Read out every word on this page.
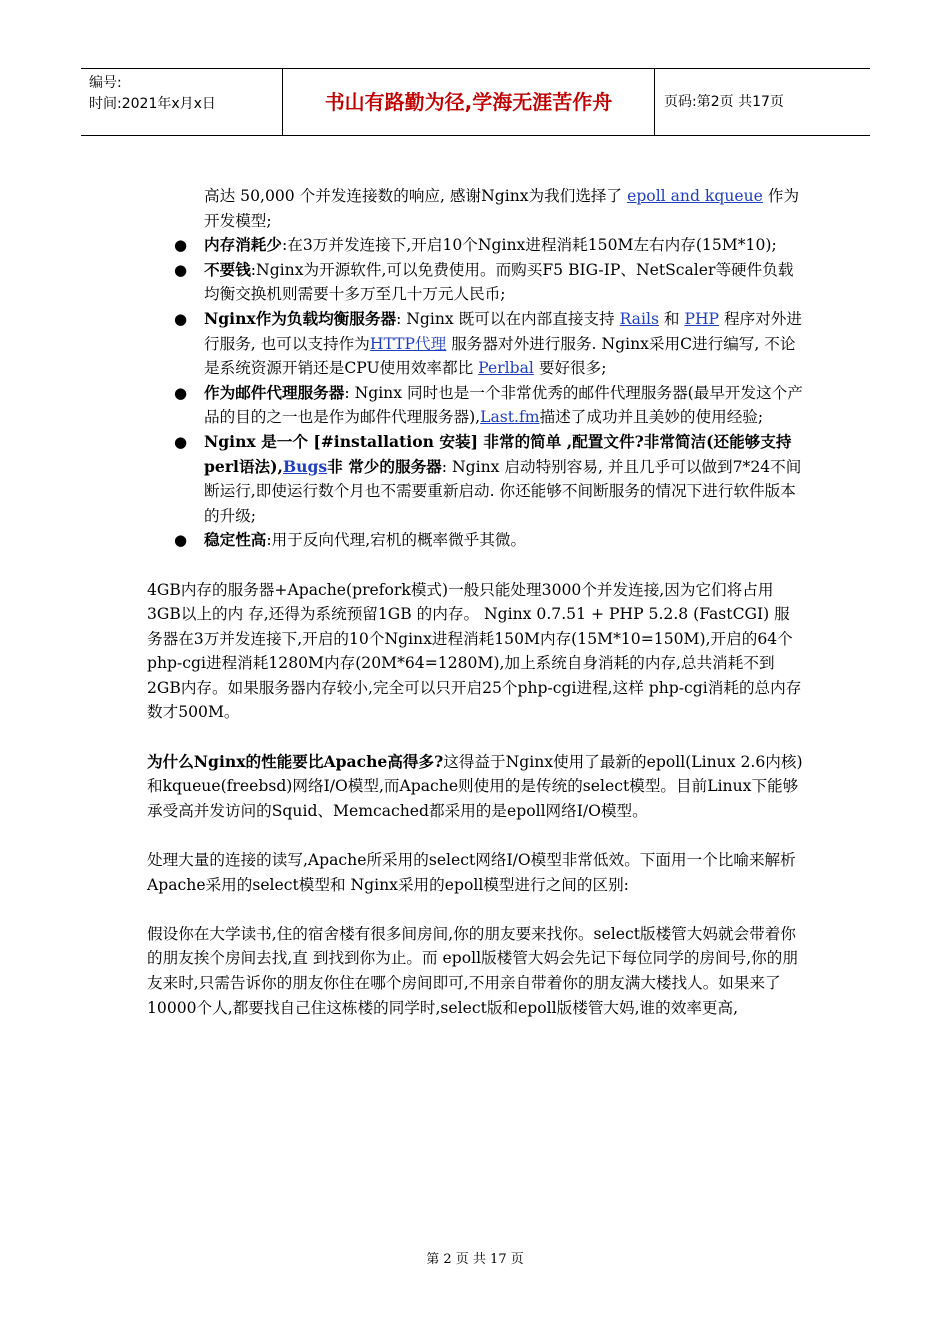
编号:
时间:2021年x月x日	书山有路勤为径,学海无涯苦作舟	页码:第2页 共17页
高达 50,000 个并发连接数的响应, 感谢Nginx为我们选择了 epoll and kqueue 作为开发模型;
● 内存消耗少:在3万并发连接下,开启10个Nginx进程消耗150M左右内存(15M*10);
● 不要钱:Nginx为开源软件,可以免费使用。而购买F5 BIG-IP、NetScaler等硬件负载均衡交换机则需要十多万至几十万元人民币;
● Nginx作为负载均衡服务器: Nginx 既可以在内部直接支持 Rails 和 PHP 程序对外进行服务, 也可以支持作为HTTP代理 服务器对外进行服务. Nginx采用C进行编写, 不论是系统资源开销还是CPU使用效率都比 Perlbal 要好很多;
● 作为邮件代理服务器: Nginx 同时也是一个非常优秀的邮件代理服务器(最早开发这个产品的目的之一也是作为邮件代理服务器),Last.fm描述了成功并且美妙的使用经验;
● Nginx 是一个 [#installation 安装] 非常的简单 ,配置文件?非常简洁(还能够支持perl语法),Bugs非 常少的服务器: Nginx 启动特别容易, 并且几乎可以做到7*24不间断运行,即使运行数个月也不需要重新启动. 你还能够不间断服务的情况下进行软件版本的升级;
● 稳定性高:用于反向代理,宕机的概率微乎其微。

4GB内存的服务器+Apache(prefork模式)一般只能处理3000个并发连接,因为它们将占用3GB以上的内 存,还得为系统预留1GB 的内存。 Nginx 0.7.51 + PHP 5.2.8 (FastCGI) 服务器在3万并发连接下,开启的10个Nginx进程消耗150M内存(15M*10=150M),开启的64个php-cgi进程消耗1280M内存(20M*64=1280M),加上系统自身消耗的内存,总共消耗不到2GB内存。如果服务器内存较小,完全可以只开启25个php-cgi进程,这样 php-cgi消耗的总内存数才500M。

为什么Nginx的性能要比Apache高得多?这得益于Nginx使用了最新的epoll(Linux 2.6内核)和kqueue(freebsd)网络I/O模型,而Apache则使用的是传统的select模型。目前Linux下能够承受高并发访问的Squid、Memcached都采用的是epoll网络I/O模型。

处理大量的连接的读写,Apache所采用的select网络I/O模型非常低效。下面用一个比喻来解析Apache采用的select模型和 Nginx采用的epoll模型进行之间的区别:

假设你在大学读书,住的宿舍楼有很多间房间,你的朋友要来找你。select版楼管大妈就会带着你的朋友挨个房间去找,直 到找到你为止。而 epoll版楼管大妈会先记下每位同学的房间号,你的朋友来时,只需告诉你的朋友你住在哪个房间即可,不用亲自带着你的朋友满大楼找人。如果来了 10000个人,都要找自己住这栋楼的同学时,select版和epoll版楼管大妈,谁的效率更高,

第 2 页 共 17 页
